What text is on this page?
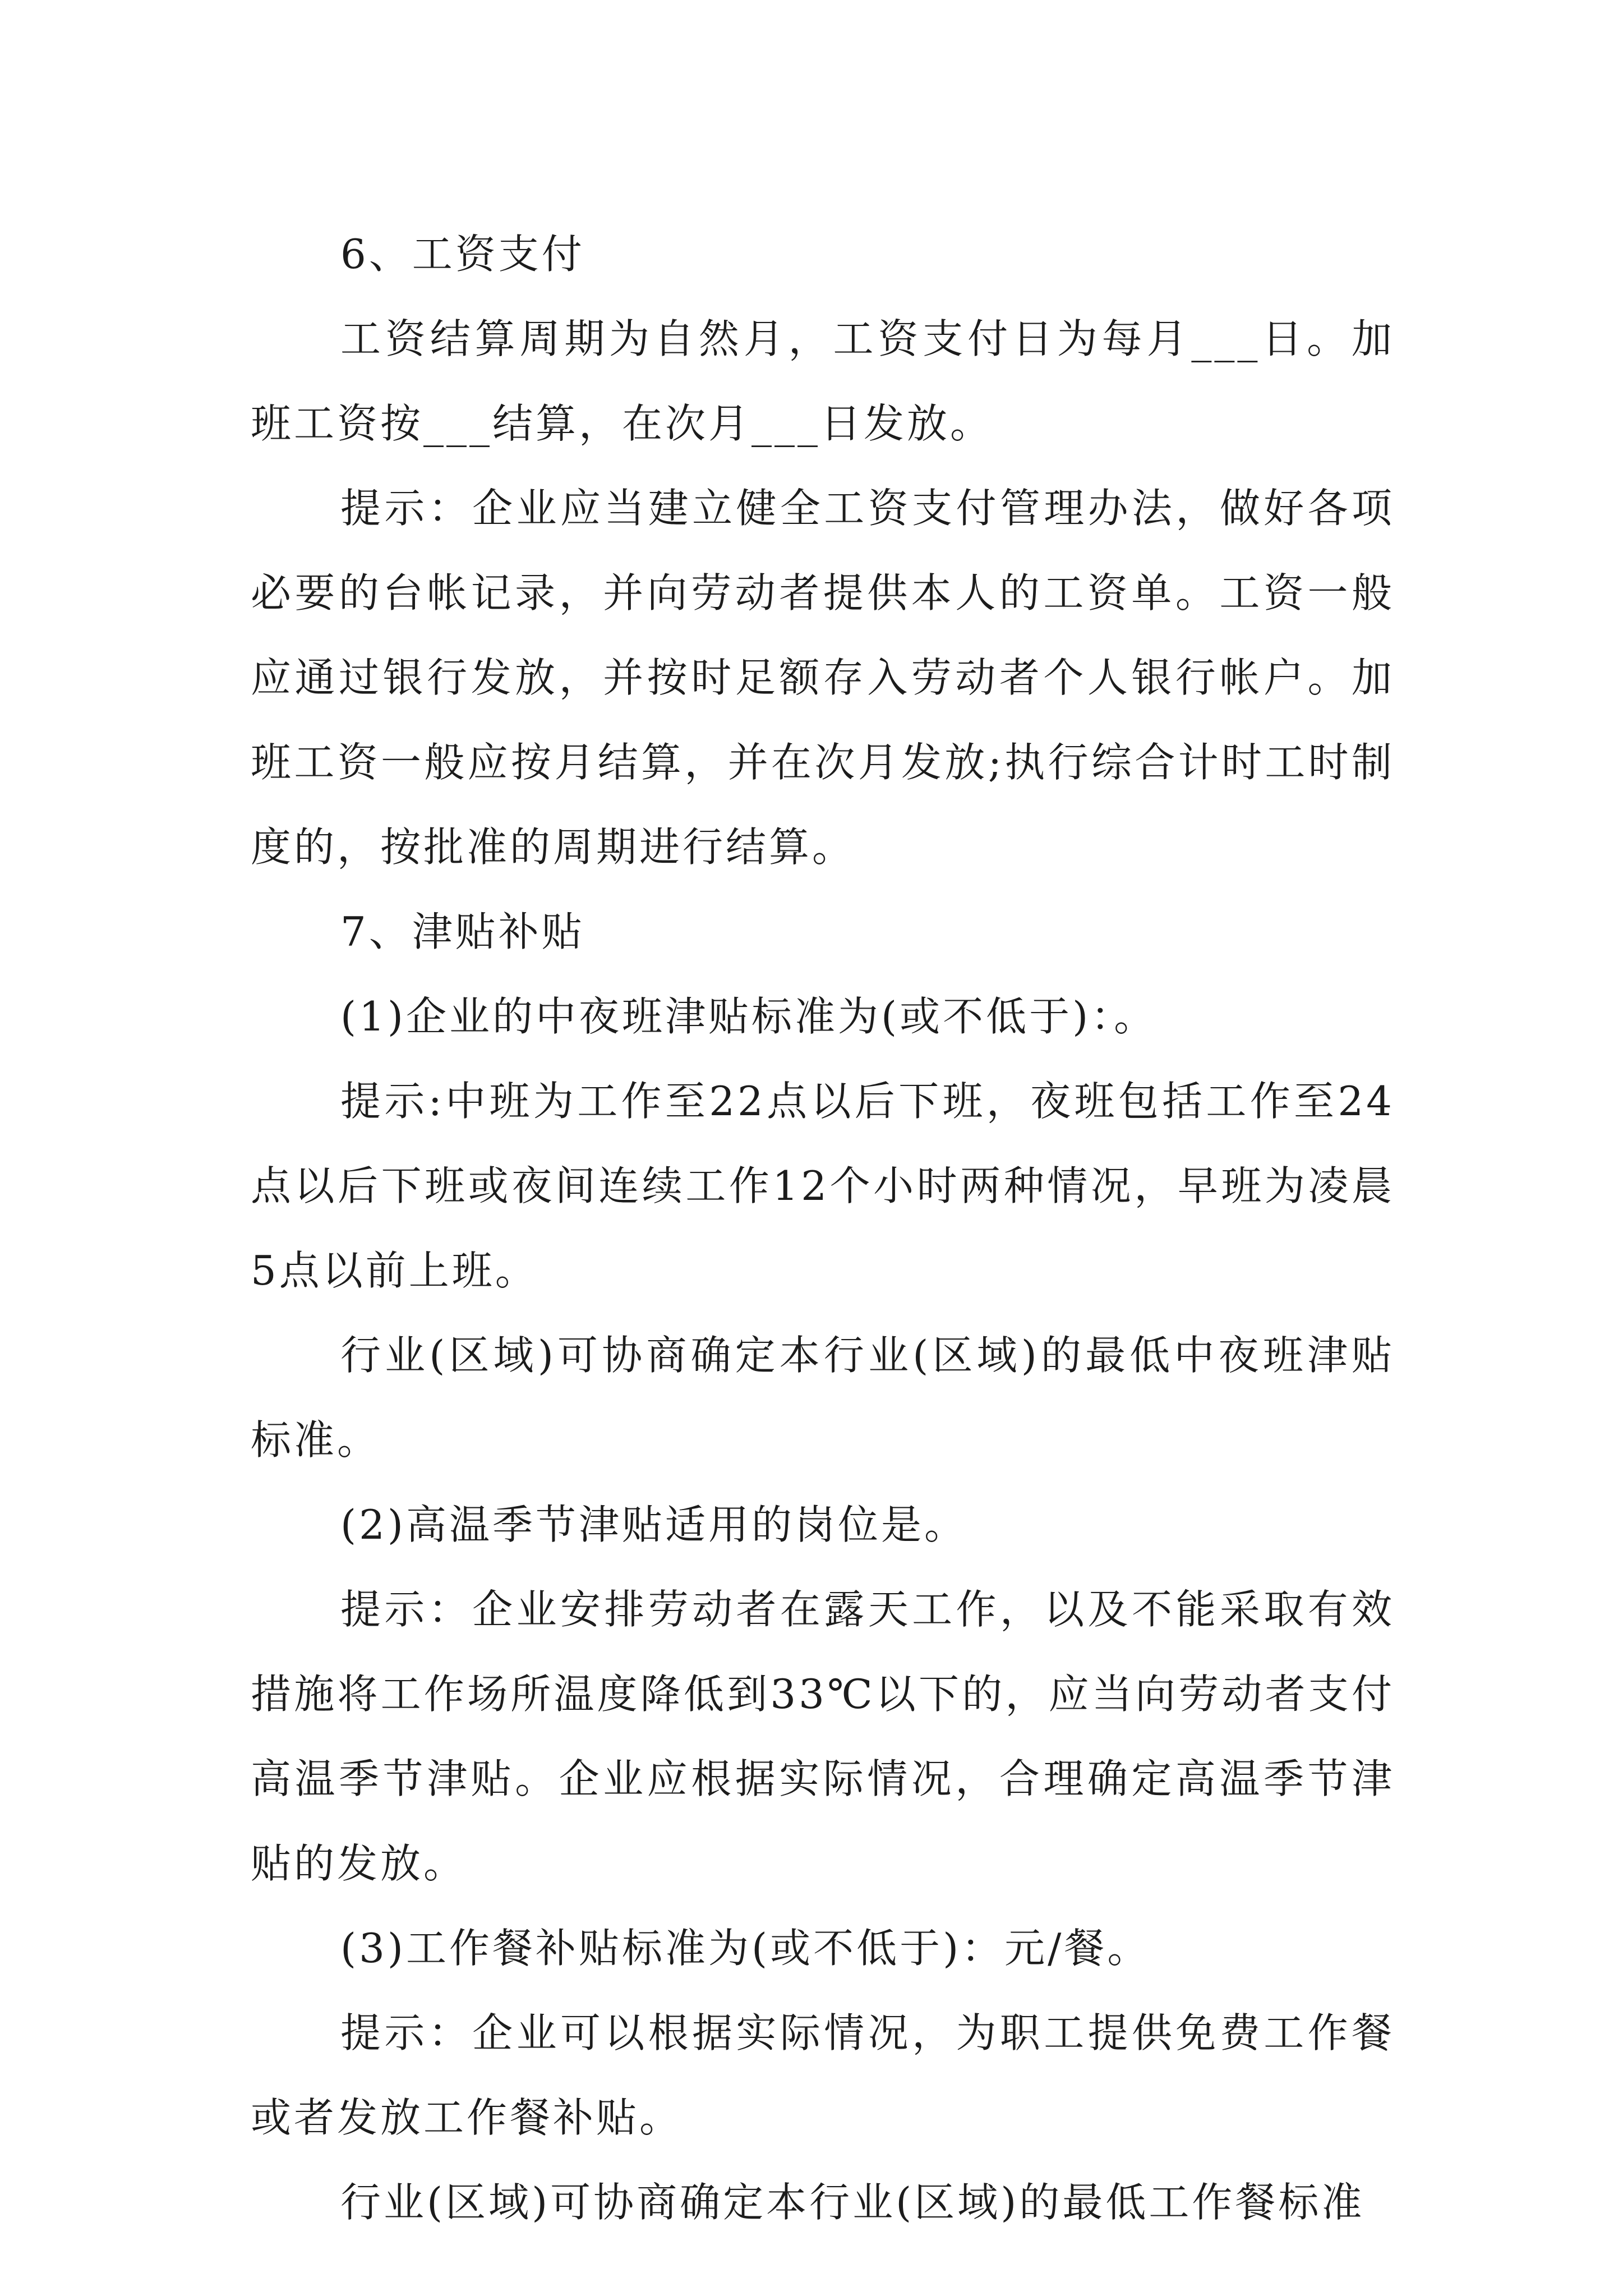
6、工资支付

工资结算周期为自然月，工资支付日为每月___日。加班工资按___结算，在次月___日发放。

提示：企业应当建立健全工资支付管理办法，做好各项必要的台帐记录，并向劳动者提供本人的工资单。工资一般应通过银行发放，并按时足额存入劳动者个人银行帐户。加班工资一般应按月结算，并在次月发放;执行综合计时工时制度的，按批准的周期进行结算。

7、津贴补贴

(1)企业的中夜班津贴标准为(或不低于)：。

提示:中班为工作至22点以后下班，夜班包括工作至24点以后下班或夜间连续工作12个小时两种情况，早班为凌晨5点以前上班。

行业(区域)可协商确定本行业(区域)的最低中夜班津贴标准。

(2)高温季节津贴适用的岗位是。

提示：企业安排劳动者在露天工作，以及不能采取有效措施将工作场所温度降低到33℃以下的，应当向劳动者支付高温季节津贴。企业应根据实际情况，合理确定高温季节津贴的发放。

(3)工作餐补贴标准为(或不低于)：元/餐。

提示：企业可以根据实际情况，为职工提供免费工作餐或者发放工作餐补贴。

行业(区域)可协商确定本行业(区域)的最低工作餐标准
